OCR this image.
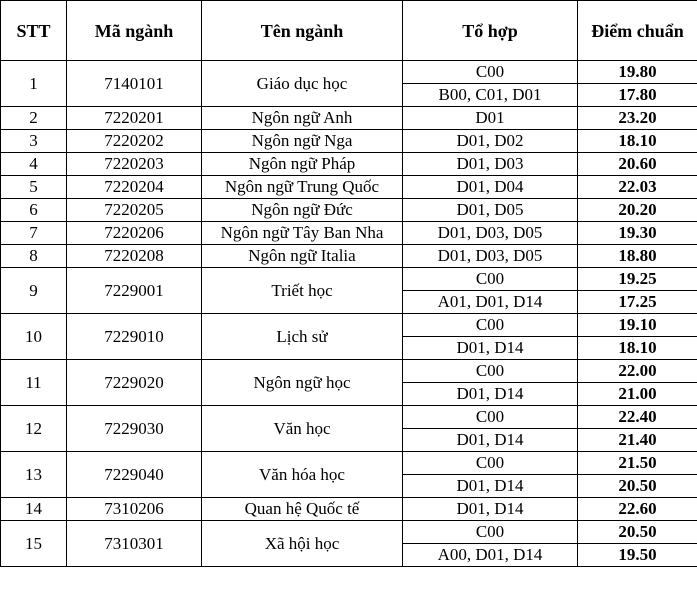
STT	Mã ngành	Tên ngành	Tổ hợp	Điểm chuẩn
1	7140101	Giáo dục học	C00	19.80
			B00, C01, D01	17.80
2	7220201	Ngôn ngữ Anh	D01	23.20
3	7220202	Ngôn ngữ Nga	D01, D02	18.10
4	7220203	Ngôn ngữ Pháp	D01, D03	20.60
5	7220204	Ngôn ngữ Trung Quốc	D01, D04	22.03
6	7220205	Ngôn ngữ Đức	D01, D05	20.20
7	7220206	Ngôn ngữ Tây Ban Nha	D01, D03, D05	19.30
8	7220208	Ngôn ngữ Italia	D01, D03, D05	18.80
9	7229001	Triết học	C00	19.25
			A01, D01, D14	17.25
10	7229010	Lịch sử	C00	19.10
			D01, D14	18.10
11	7229020	Ngôn ngữ học	C00	22.00
			D01, D14	21.00
12	7229030	Văn học	C00	22.40
			D01, D14	21.40
13	7229040	Văn hóa học	C00	21.50
			D01, D14	20.50
14	7310206	Quan hệ Quốc tế	D01, D14	22.60
15	7310301	Xã hội học	C00	20.50
			A00, D01, D14	19.50
